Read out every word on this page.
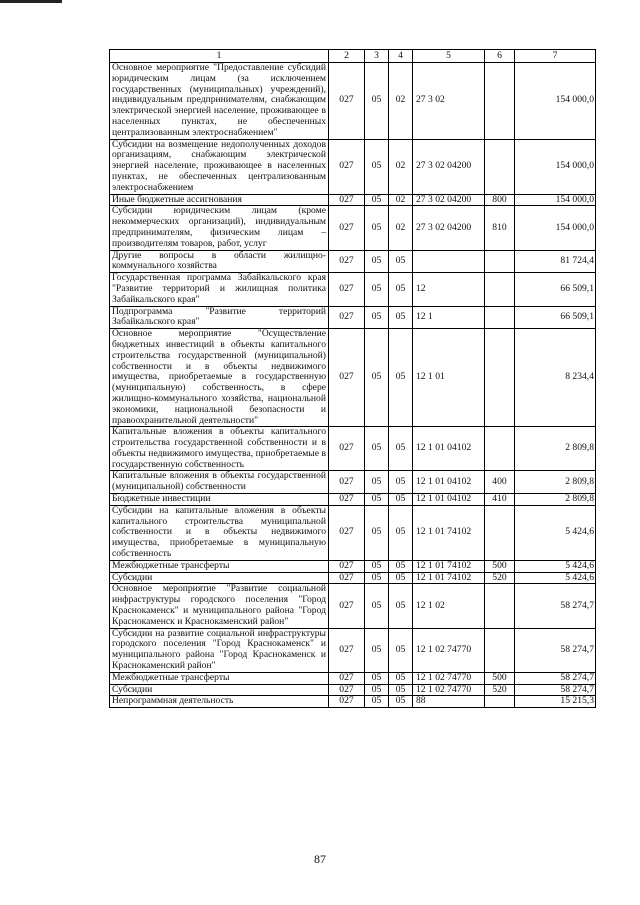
1	2	3	4	5	6	7
Основное мероприятие "Предоставление субсидий юридическим лицам (за исключением государственных (муниципальных) учреждений), индивидуальным предпринимателям, снабжающим электрической энергией население, проживающее в населенных пунктах, не обеспеченных централизованным электроснабжением"	027	05	02	27 3 02		154 000,0
Субсидии на возмещение недополученных доходов организациям, снабжающим электрической энергией население, проживающее в населенных пунктах, не обеспеченных централизованным электроснабжением	027	05	02	27 3 02 04200		154 000,0
Иные бюджетные ассигнования	027	05	02	27 3 02 04200	800	154 000,0
Субсидии юридическим лицам (кроме некоммерческих организаций), индивидуальным предпринимателям, физическим лицам – производителям товаров, работ, услуг	027	05	02	27 3 02 04200	810	154 000,0
Другие вопросы в области жилищно-коммунального хозяйства	027	05	05			81 724,4
Государственная программа Забайкальского края "Развитие территорий и жилищная политика Забайкальского края"	027	05	05	12		66 509,1
Подпрограмма "Развитие территорий Забайкальского края"	027	05	05	12 1		66 509,1
Основное мероприятие "Осуществление бюджетных инвестиций в объекты капитального строительства государственной (муниципальной) собственности и в объекты недвижимого имущества, приобретаемые в государственную (муниципальную) собственность, в сфере жилищно-коммунального хозяйства, национальной экономики, национальной безопасности и правоохранительной деятельности"	027	05	05	12 1 01		8 234,4
Капитальные вложения в объекты капитального строительства государственной собственности и в объекты недвижимого имущества, приобретаемые в государственную собственность	027	05	05	12 1 01 04102		2 809,8
Капитальные вложения в объекты государственной (муниципальной) собственности	027	05	05	12 1 01 04102	400	2 809,8
Бюджетные инвестиции	027	05	05	12 1 01 04102	410	2 809,8
Субсидии на капитальные вложения в объекты капитального строительства муниципальной собственности и в объекты недвижимого имущества, приобретаемые в муниципальную собственность	027	05	05	12 1 01 74102		5 424,6
Межбюджетные трансферты	027	05	05	12 1 01 74102	500	5 424,6
Субсидии	027	05	05	12 1 01 74102	520	5 424,6
Основное мероприятие "Развитие социальной инфраструктуры городского поселения "Город Краснокаменск" и муниципального района "Город Краснокаменск и Краснокаменский район"	027	05	05	12 1 02		58 274,7
Субсидии на развитие социальной инфраструктуры городского поселения "Город Краснокаменск" и муниципального района "Город Краснокаменск и Краснокаменский район"	027	05	05	12 1 02 74770		58 274,7
Межбюджетные трансферты	027	05	05	12 1 02 74770	500	58 274,7
Субсидии	027	05	05	12 1 02 74770	520	58 274,7
Непрограммная деятельность	027	05	05	88		15 215,3
87
